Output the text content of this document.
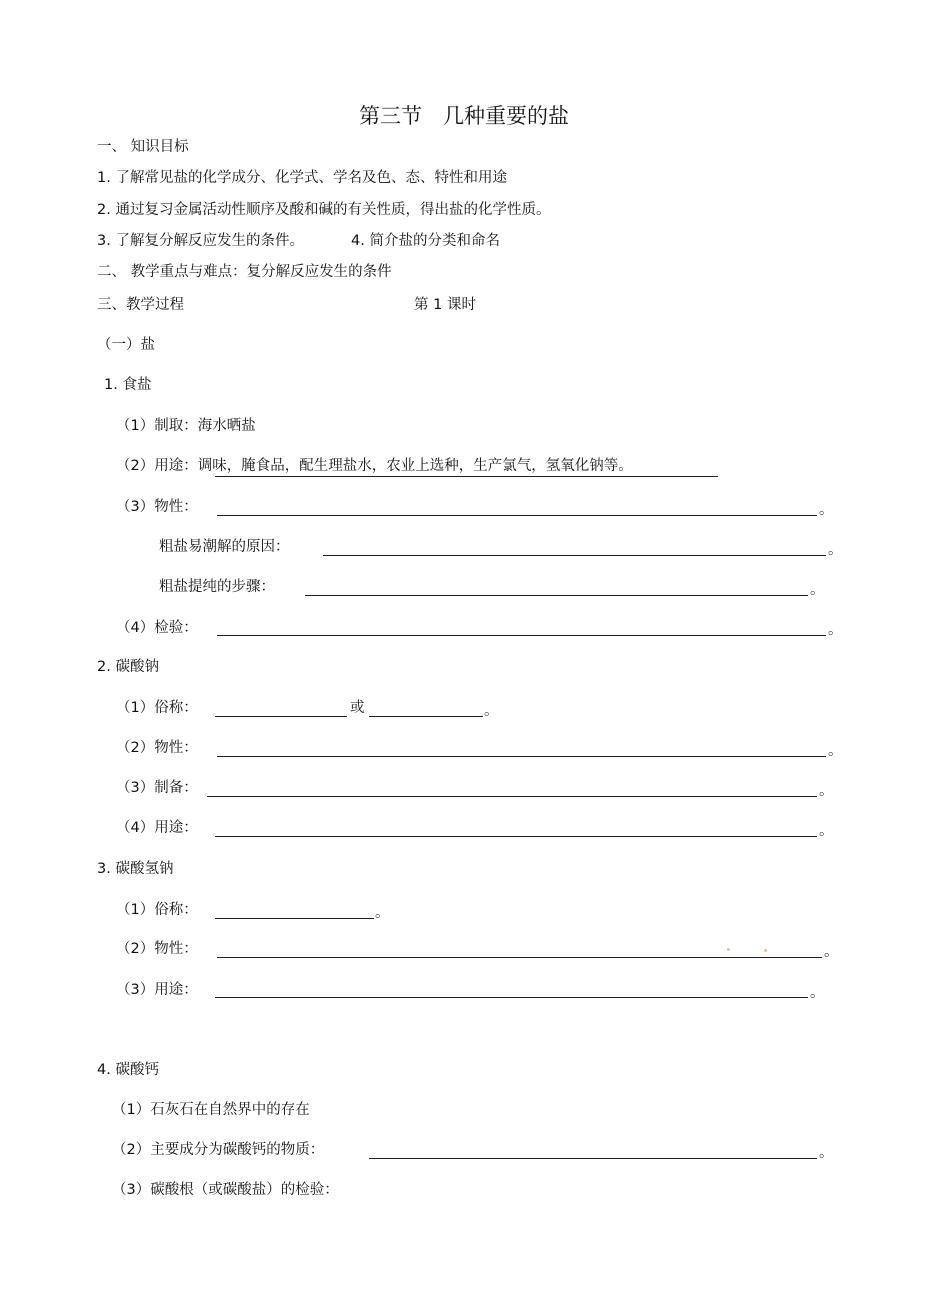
第三节　几种重要的盐
一、 知识目标
1. 了解常见盐的化学成分、化学式、学名及色、态、特性和用途
2. 通过复习金属活动性顺序及酸和碱的有关性质，得出盐的化学性质。
3. 了解复分解反应发生的条件。	4. 简介盐的分类和命名
二、 教学重点与难点：复分解反应发生的条件
三、教学过程	第 1 课时
（一）盐
1. 食盐
（1）制取：海水晒盐
（2）用途：调味，腌食品，配生理盐水，农业上选种，生产氯气，氢氧化钠等。
（3）物性：	。
粗盐易潮解的原因：	。
粗盐提纯的步骤：	。
（4）检验：	。
2. 碳酸钠
（1）俗称：	或	。
（2）物性：	。
（3）制备：	。
（4）用途：	。
3. 碳酸氢钠
（1）俗称：	。
（2）物性：	。
（3）用途：	。
4. 碳酸钙
（1）石灰石在自然界中的存在
（2）主要成分为碳酸钙的物质：	。
（3）碳酸根（或碳酸盐）的检验：
